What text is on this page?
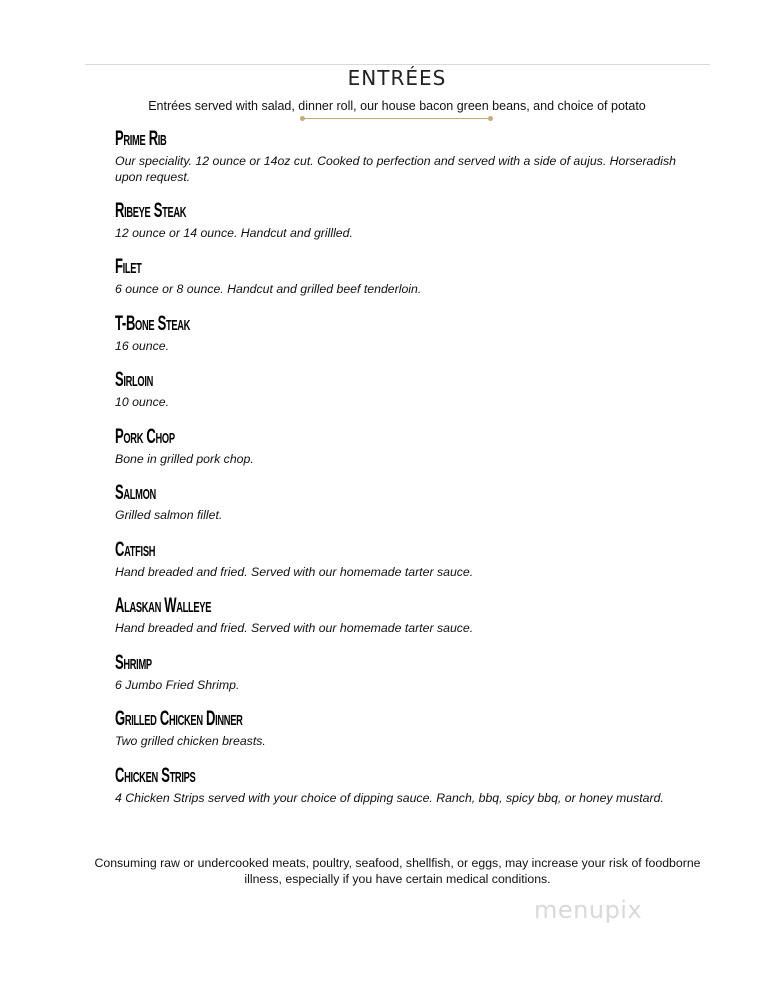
ENTRÉES
Entrées served with salad, dinner roll, our house bacon green beans, and choice of potato
Prime Rib
Our speciality. 12 ounce or 14oz cut. Cooked to perfection and served with a side of aujus. Horseradish upon request.
Ribeye Steak
12 ounce or 14 ounce. Handcut and grillled.
Filet
6 ounce or 8 ounce. Handcut and grilled beef tenderloin.
T-Bone Steak
16 ounce.
Sirloin
10 ounce.
Pork Chop
Bone in grilled pork chop.
Salmon
Grilled salmon fillet.
Catfish
Hand breaded and fried. Served with our homemade tarter sauce.
Alaskan Walleye
Hand breaded and fried. Served with our homemade tarter sauce.
Shrimp
6 Jumbo Fried Shrimp.
Grilled Chicken Dinner
Two grilled chicken breasts.
Chicken Strips
4 Chicken Strips served with your choice of dipping sauce. Ranch, bbq, spicy bbq, or honey mustard.
Consuming raw or undercooked meats, poultry, seafood, shellfish, or eggs, may increase your risk of foodborne illness, especially if you have certain medical conditions.
menupix
